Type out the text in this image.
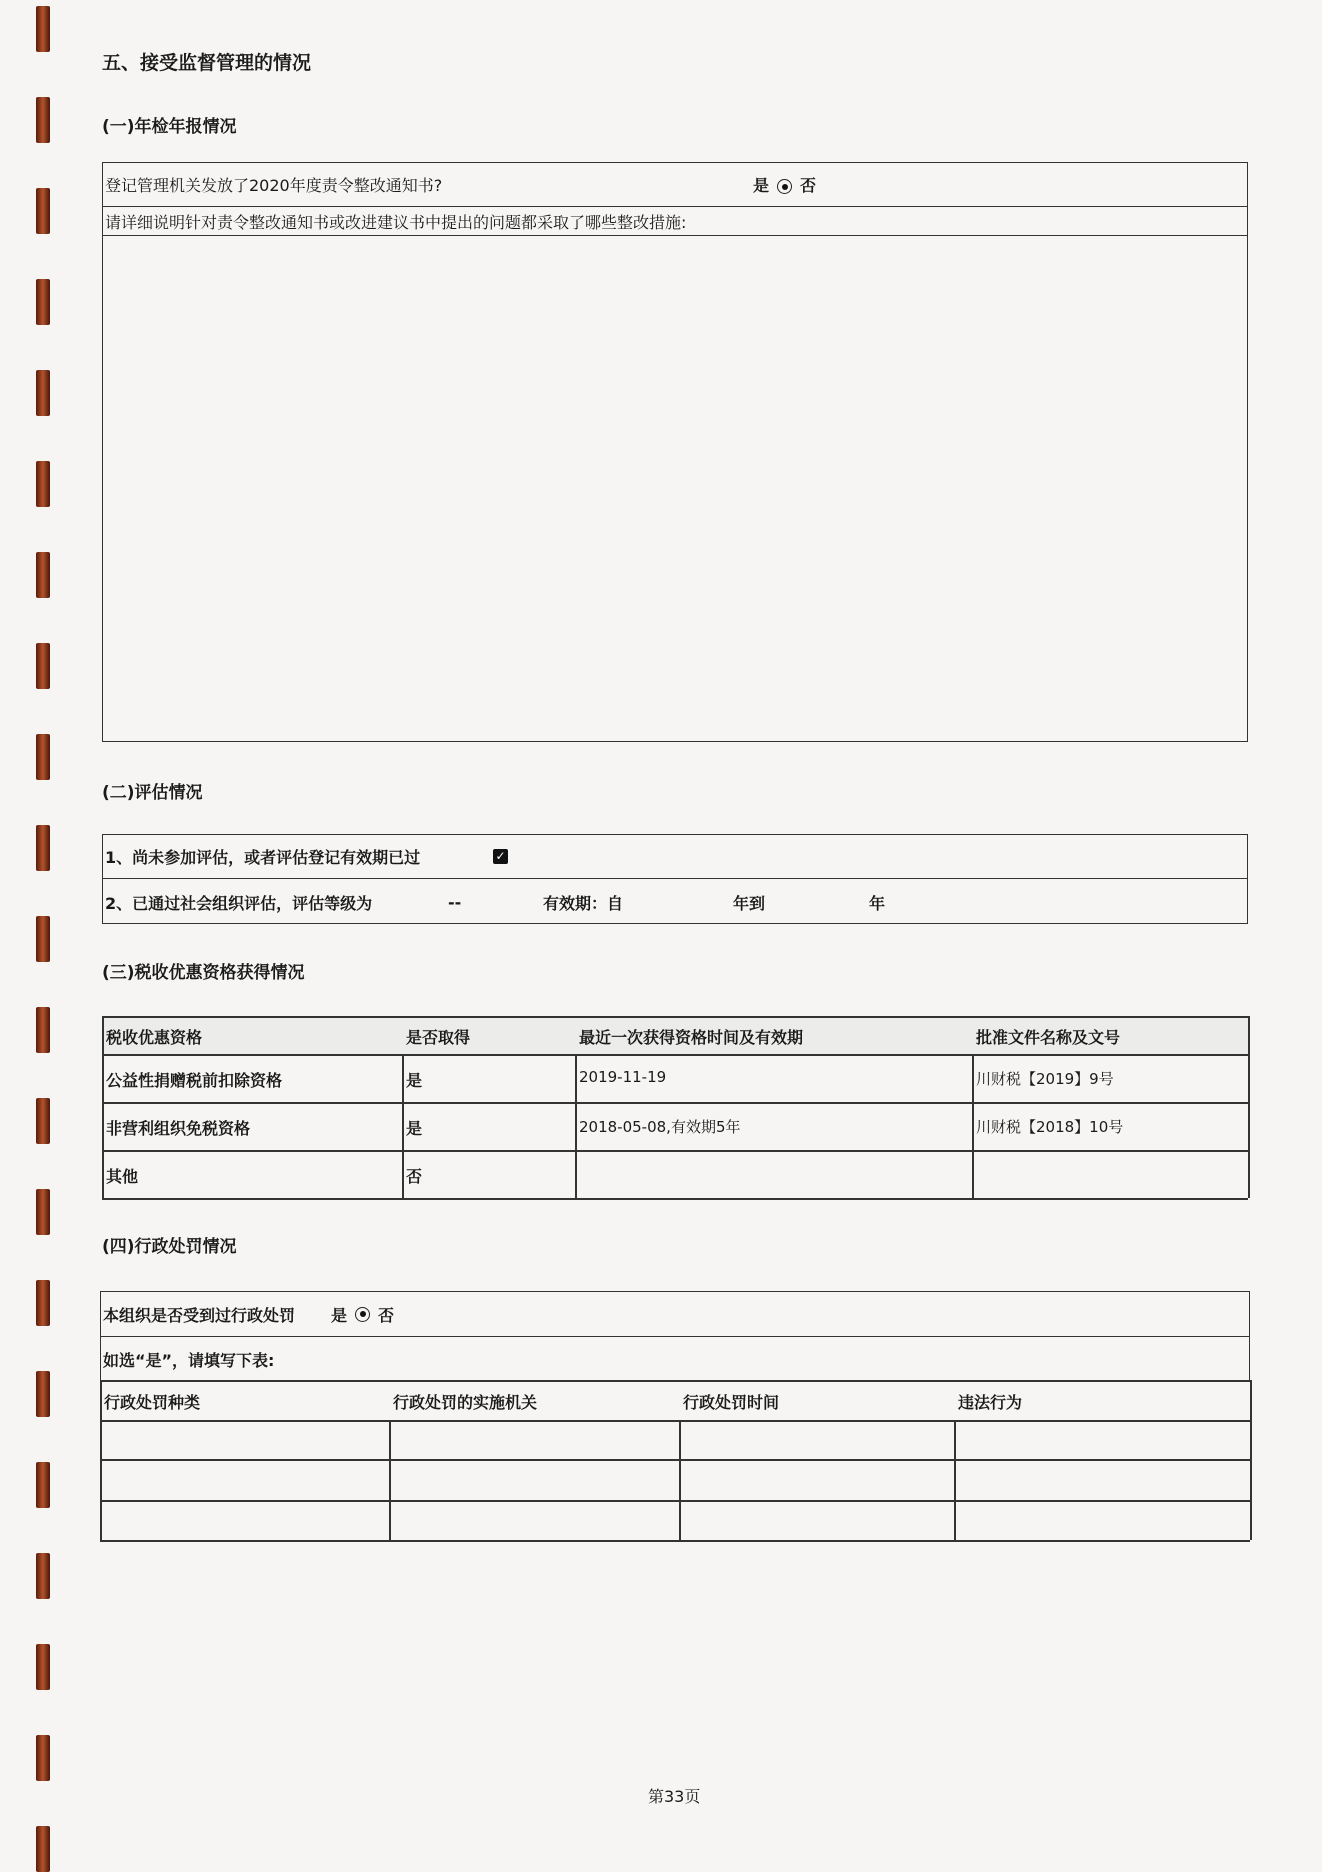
五、接受监督管理的情况
(一)年检年报情况
登记管理机关发放了2020年度责令整改通知书?	是 否
请详细说明针对责令整改通知书或改进建议书中提出的问题都采取了哪些整改措施:
(二)评估情况
1、尚未参加评估，或者评估登记有效期已过	✓
2、已通过社会组织评估，评估等级为	--	有效期：自	年到	年
(三)税收优惠资格获得情况
税收优惠资格	是否取得	最近一次获得资格时间及有效期	批准文件名称及文号
公益性捐赠税前扣除资格	是	2019-11-19	川财税【2019】9号
非营利组织免税资格	是	2018-05-08,有效期5年	川财税【2018】10号
其他	否
(四)行政处罚情况
本组织是否受到过行政处罚 是 否
如选“是”，请填写下表:
行政处罚种类	行政处罚的实施机关	行政处罚时间	违法行为
第33页
